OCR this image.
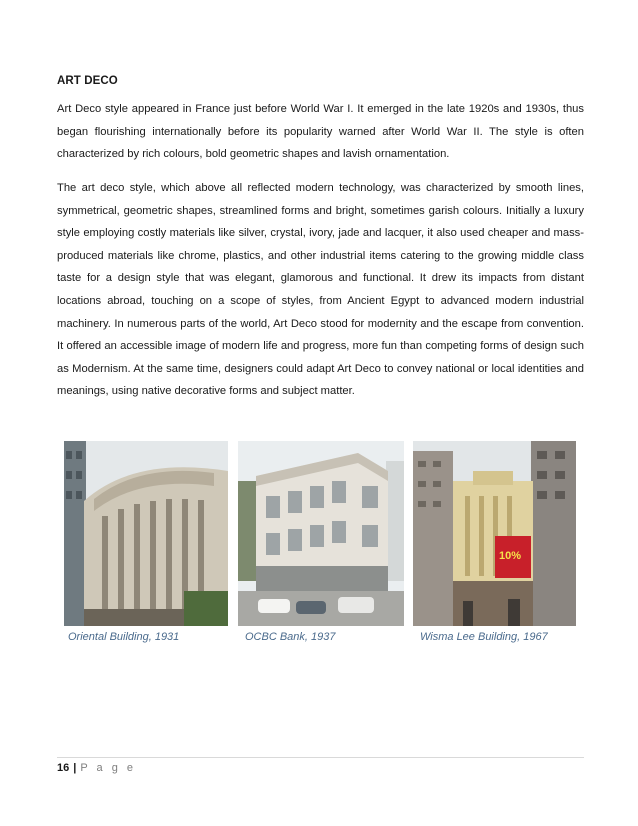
ART DECO

Art Deco style appeared in France just before World War I. It emerged in the late 1920s and 1930s, thus began flourishing internationally before its popularity warned after World War II. The style is often characterized by rich colours, bold geometric shapes and lavish ornamentation.

The art deco style, which above all reflected modern technology, was characterized by smooth lines, symmetrical, geometric shapes, streamlined forms and bright, sometimes garish colours. Initially a luxury style employing costly materials like silver, crystal, ivory, jade and lacquer, it also used cheaper and mass-produced materials like chrome, plastics, and other industrial items catering to the growing middle class taste for a design style that was elegant, glamorous and functional. It drew its impacts from distant locations abroad, touching on a scope of styles, from Ancient Egypt to advanced modern industrial machinery. In numerous parts of the world, Art Deco stood for modernity and the escape from convention. It offered an accessible image of modern life and progress, more fun than competing forms of design such as Modernism. At the same time, designers could adapt Art Deco to convey national or local identities and meanings, using native decorative forms and subject matter.

10%
Oriental Building, 1931	OCBC Bank, 1937	Wisma Lee Building, 1967
16 | P a g e
